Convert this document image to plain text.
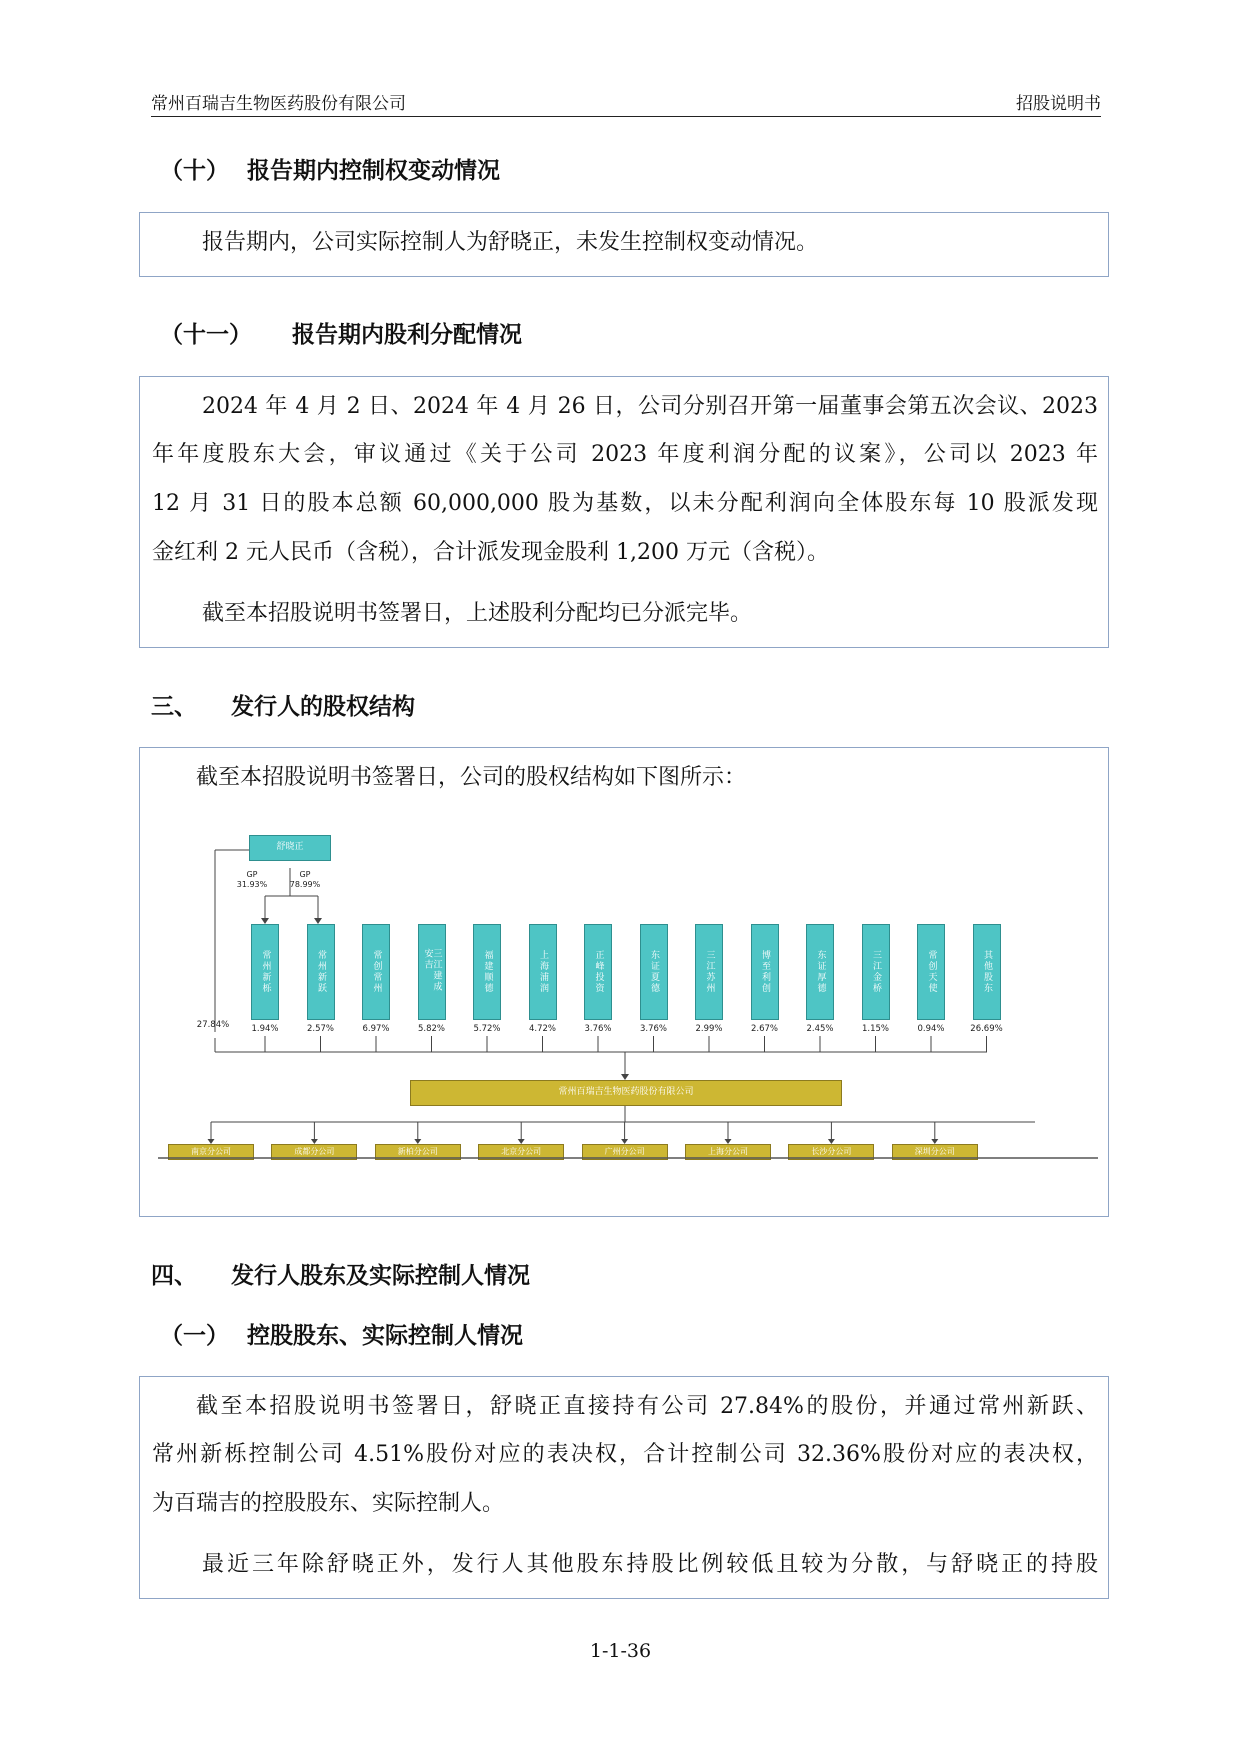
常州百瑞吉生物医药股份有限公司	招股说明书
（十） 报告期内控制权变动情况
报告期内，公司实际控制人为舒晓正，未发生控制权变动情况。
（十一） 报告期内股利分配情况
2024 年 4 月 2 日、2024 年 4 月 26 日，公司分别召开第一届董事会第五次会议、2023
年年度股东大会，审议通过《关于公司 2023 年度利润分配的议案》，公司以 2023 年
12 月 31 日的股本总额 60,000,000 股为基数，以未分配利润向全体股东每 10 股派发现
金红利 2 元人民币（含税），合计派发现金股利 1,200 万元（含税）。
截至本招股说明书签署日，上述股利分配均已分派完毕。
三、 发行人的股权结构
截至本招股说明书签署日，公司的股权结构如下图所示：
舒晓正
GP
31.93%
GP
78.99%
27.84%
常州新栎
1.94%
常州新跃
2.57%
常创常州
6.97%
三江建成安吉
5.82%
福建顺德
5.72%
上海浦润
4.72%
正峰投资
3.76%
东证夏德
3.76%
三江苏州
2.99%
博至利创
2.67%
东证厚德
2.45%
三江金桥
1.15%
常创天使
0.94%
其他股东
26.69%
常州百瑞吉生物医药股份有限公司
南京分公司	成都分公司	新柏分公司	北京分公司	广州分公司	上海分公司	长沙分公司	深圳分公司
四、 发行人股东及实际控制人情况
（一） 控股股东、实际控制人情况
截至本招股说明书签署日，舒晓正直接持有公司 27.84%的股份，并通过常州新跃、
常州新栎控制公司 4.51%股份对应的表决权，合计控制公司 32.36%股份对应的表决权，
为百瑞吉的控股股东、实际控制人。
最近三年除舒晓正外，发行人其他股东持股比例较低且较为分散，与舒晓正的持股
1-1-36
